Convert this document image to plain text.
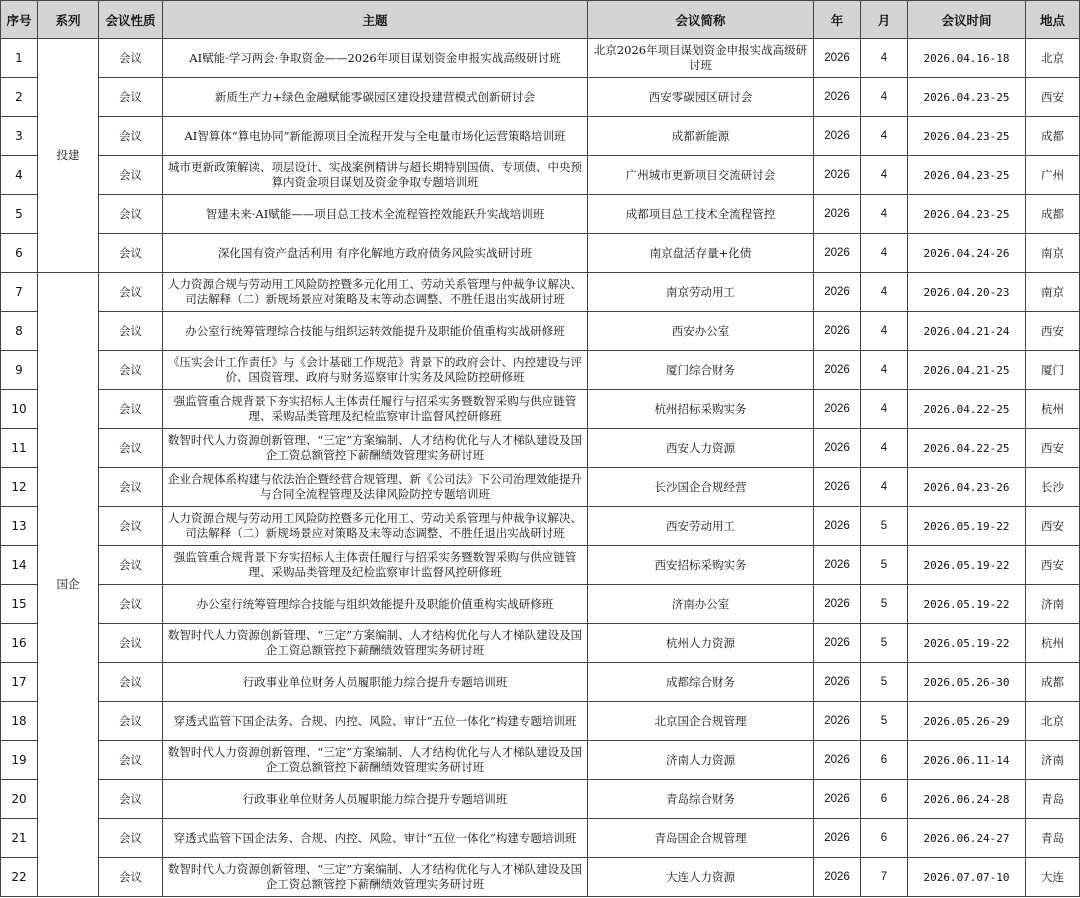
序号	系列	会议性质	主题	会议简称	年	月	会议时间	地点
1	投建	会议	AI赋能·学习两会·争取资金——2026年项目谋划资金申报实战高级研讨班	北京2026年项目谋划资金申报实战高级研讨班	2026	4	2026.04.16-18	北京
2		会议	新质生产力+绿色金融赋能零碳园区建设投建营模式创新研讨会	西安零碳园区研讨会	2026	4	2026.04.23-25	西安
3		会议	AI智算体“算电协同”新能源项目全流程开发与全电量市场化运营策略培训班	成都新能源	2026	4	2026.04.23-25	成都
4		会议	城市更新政策解读、项层设计、实战案例精讲与超长期特别国债、专项债、中央预算内资金项目谋划及资金争取专题培训班	广州城市更新项目交流研讨会	2026	4	2026.04.23-25	广州
5		会议	智建未来·AI赋能——项目总工技术全流程管控效能跃升实战培训班	成都项目总工技术全流程管控	2026	4	2026.04.23-25	成都
6		会议	深化国有资产盘活利用 有序化解地方政府债务风险实战研讨班	南京盘活存量+化债	2026	4	2026.04.24-26	南京
7	国企	会议	人力资源合规与劳动用工风险防控暨多元化用工、劳动关系管理与仲裁争议解决、司法解释（二）新规场景应对策略及末等动态调整、不胜任退出实战研讨班	南京劳动用工	2026	4	2026.04.20-23	南京
8		会议	办公室行统筹管理综合技能与组织运转效能提升及职能价值重构实战研修班	西安办公室	2026	4	2026.04.21-24	西安
9		会议	《压实会计工作责任》与《会计基础工作规范》背景下的政府会计、内控建设与评价、国资管理、政府与财务巡察审计实务及风险防控研修班	厦门综合财务	2026	4	2026.04.21-25	厦门
10		会议	强监管重合规背景下夯实招标人主体责任履行与招采实务暨数智采购与供应链管理、采购品类管理及纪检监察审计监督风控研修班	杭州招标采购实务	2026	4	2026.04.22-25	杭州
11		会议	数智时代人力资源创新管理、“三定”方案编制、人才结构优化与人才梯队建设及国企工资总额管控下薪酬绩效管理实务研讨班	西安人力资源	2026	4	2026.04.22-25	西安
12		会议	企业合规体系构建与依法治企暨经营合规管理、新《公司法》下公司治理效能提升与合同全流程管理及法律风险防控专题培训班	长沙国企合规经营	2026	4	2026.04.23-26	长沙
13		会议	人力资源合规与劳动用工风险防控暨多元化用工、劳动关系管理与仲裁争议解决、司法解释（二）新规场景应对策略及末等动态调整、不胜任退出实战研讨班	西安劳动用工	2026	5	2026.05.19-22	西安
14		会议	强监管重合规背景下夯实招标人主体责任履行与招采实务暨数智采购与供应链管理、采购品类管理及纪检监察审计监督风控研修班	西安招标采购实务	2026	5	2026.05.19-22	西安
15		会议	办公室行统筹管理综合技能与组织效能提升及职能价值重构实战研修班	济南办公室	2026	5	2026.05.19-22	济南
16		会议	数智时代人力资源创新管理、“三定”方案编制、人才结构优化与人才梯队建设及国企工资总额管控下薪酬绩效管理实务研讨班	杭州人力资源	2026	5	2026.05.19-22	杭州
17		会议	行政事业单位财务人员履职能力综合提升专题培训班	成都综合财务	2026	5	2026.05.26-30	成都
18		会议	穿透式监管下国企法务、合规、内控、风险、审计“五位一体化”构建专题培训班	北京国企合规管理	2026	5	2026.05.26-29	北京
19		会议	数智时代人力资源创新管理、“三定”方案编制、人才结构优化与人才梯队建设及国企工资总额管控下薪酬绩效管理实务研讨班	济南人力资源	2026	6	2026.06.11-14	济南
20		会议	行政事业单位财务人员履职能力综合提升专题培训班	青岛综合财务	2026	6	2026.06.24-28	青岛
21		会议	穿透式监管下国企法务、合规、内控、风险、审计“五位一体化”构建专题培训班	青岛国企合规管理	2026	6	2026.06.24-27	青岛
22		会议	数智时代人力资源创新管理、“三定”方案编制、人才结构优化与人才梯队建设及国企工资总额管控下薪酬绩效管理实务研讨班	大连人力资源	2026	7	2026.07.07-10	大连
